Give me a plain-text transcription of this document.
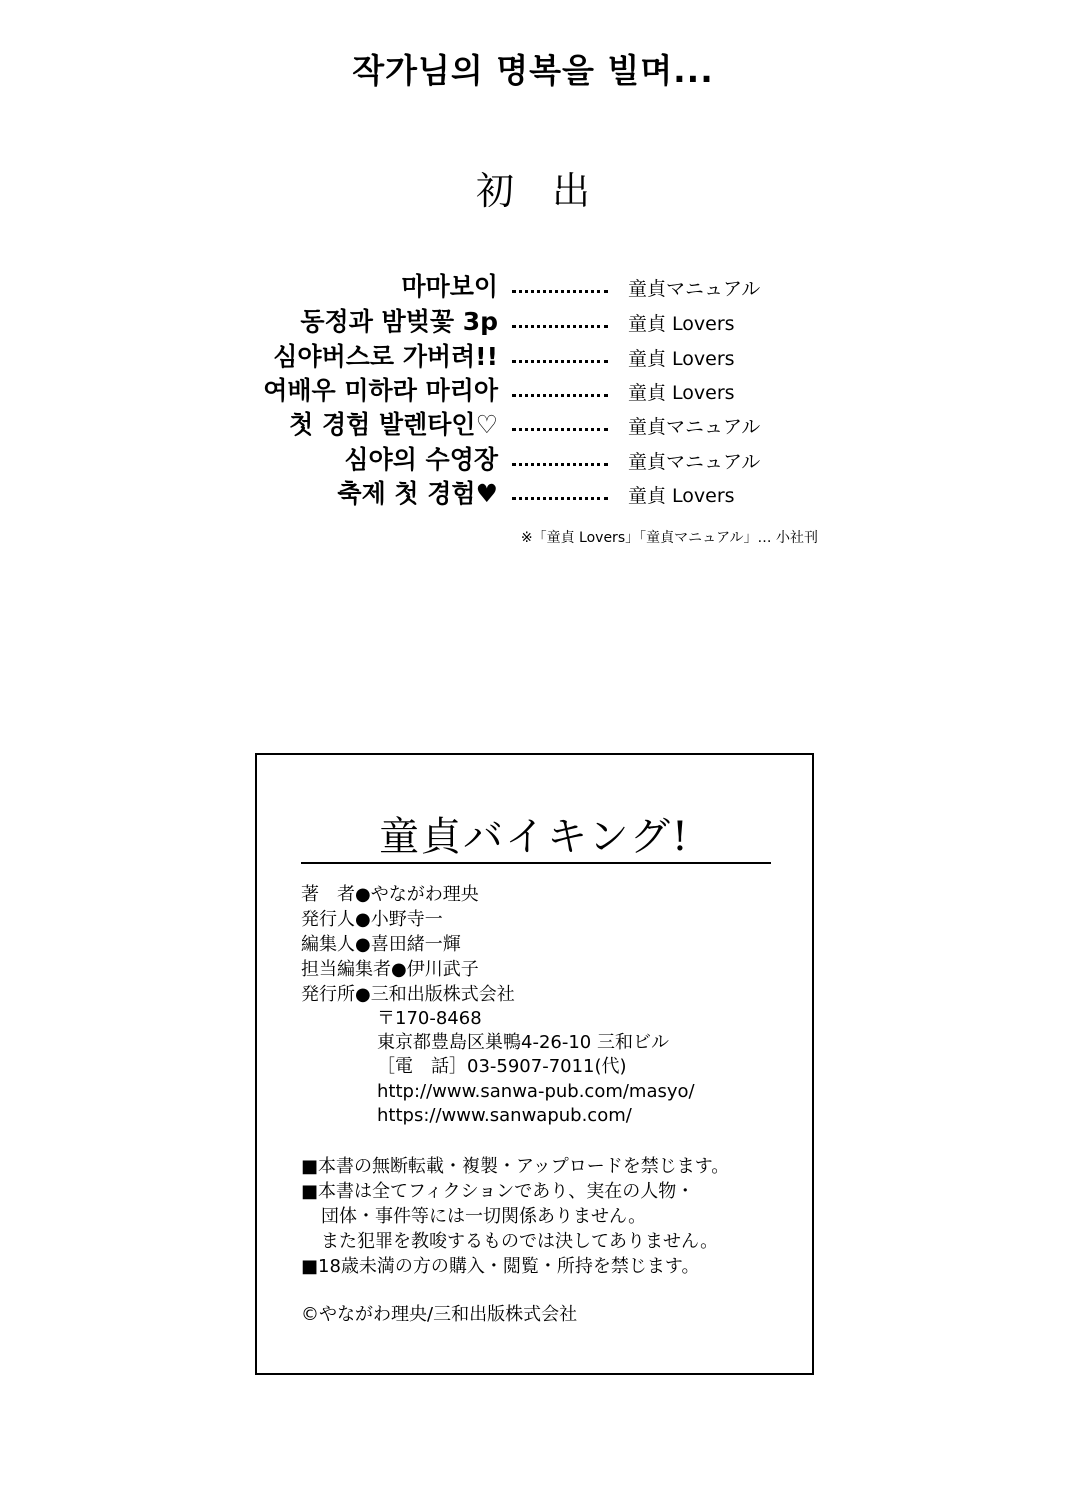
작가님의 명복을 빌며...
初出
마마보이	童貞マニュアル
동정과 밤벚꽃 3p	童貞 Lovers
심야버스로 가버려!!	童貞 Lovers
여배우 미하라 마리아	童貞 Lovers
첫 경험 발렌타인♡	童貞マニュアル
심야의 수영장	童貞マニュアル
축제 첫 경험♥	童貞 Lovers
※「童貞 Lovers」「童貞マニュアル」… 小社刊
童貞バイキング!
著　者●やながわ理央
発行人●小野寺一
編集人●喜田緒一輝
担当編集者●伊川武子
発行所●三和出版株式会社
〒170-8468
東京都豊島区巣鴨4-26-10 三和ビル
［電　話］03-5907-7011(代)
http://www.sanwa-pub.com/masyo/
https://www.sanwapub.com/
■本書の無断転載・複製・アップロードを禁じます。
■本書は全てフィクションであり、実在の人物・
団体・事件等には一切関係ありません。
また犯罪を教唆するものでは決してありません。
■18歳未満の方の購入・閲覧・所持を禁じます。
©やながわ理央/三和出版株式会社
